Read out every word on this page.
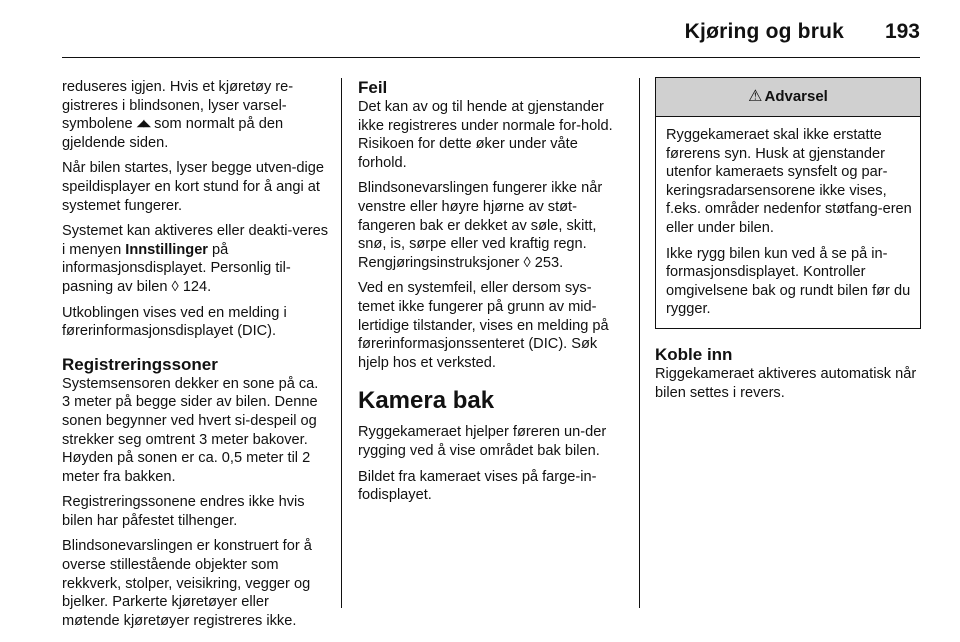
Kjøring og bruk 193

reduseres igjen. Hvis et kjøretøy re-gistreres i blindsonen, lyser varsel-symbolene ◢◣ som normalt på den gjeldende siden.

Når bilen startes, lyser begge utven-dige speildisplayer en kort stund for å angi at systemet fungerer.

Systemet kan aktiveres eller deakti-veres i menyen Innstillinger på informasjonsdisplayet. Personlig til-pasning av bilen ◊ 124.

Utkoblingen vises ved en melding i førerinformasjonsdisplayet (DIC).

Registreringssoner

Systemsensoren dekker en sone på ca. 3 meter på begge sider av bilen. Denne sonen begynner ved hvert si-despeil og strekker seg omtrent 3 meter bakover. Høyden på sonen er ca. 0,5 meter til 2 meter fra bakken.

Registreringssonene endres ikke hvis bilen har påfestet tilhenger.

Blindsonevarslingen er konstruert for å overse stillestående objekter som rekkverk, stolper, veisikring, vegger og bjelker. Parkerte kjøretøyer eller møtende kjøretøyer registreres ikke.

Feil

Det kan av og til hende at gjenstander ikke registreres under normale for-hold. Risikoen for dette øker under våte forhold.

Blindsonevarslingen fungerer ikke når venstre eller høyre hjørne av støt-fangeren bak er dekket av søle, skitt, snø, is, sørpe eller ved kraftig regn. Rengjøringsinstruksjoner ◊ 253.

Ved en systemfeil, eller dersom sys-temet ikke fungerer på grunn av mid-lertidige tilstander, vises en melding på førerinformasjonssenteret (DIC). Søk hjelp hos et verksted.

Kamera bak

Ryggekameraet hjelper føreren un-der rygging ved å vise området bak bilen.

Bildet fra kameraet vises på farge-in-fodisplayet.

⚠ Advarsel

Ryggekameraet skal ikke erstatte førerens syn. Husk at gjenstander utenfor kameraets synsfelt og par-keringsradarsensorene ikke vises, f.eks. områder nedenfor støtfang-eren eller under bilen.

Ikke rygg bilen kun ved å se på in-formasjonsdisplayet. Kontroller omgivelsene bak og rundt bilen før du rygger.

Koble inn

Riggekameraet aktiveres automatisk når bilen settes i revers.
